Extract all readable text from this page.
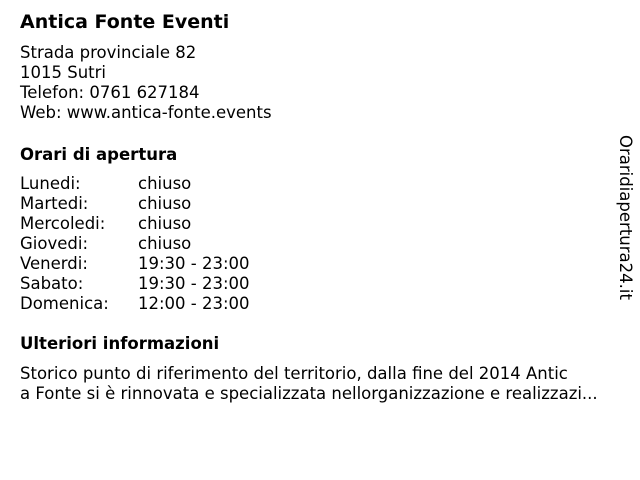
Antica Fonte Eventi
Strada provinciale 82
1015 Sutri
Telefon: 0761 627184
Web: www.antica-fonte.events
Orari di apertura
Lunedi:	chiuso
Martedi:	chiuso
Mercoledi:	chiuso
Giovedi:	chiuso
Venerdi:	19:30 - 23:00
Sabato:	19:30 - 23:00
Domenica:	12:00 - 23:00
Ulteriori informazioni
Storico punto di riferimento del territorio, dalla fine del 2014 Antic
a Fonte si è rinnovata e specializzata nellorganizzazione e realizzazi...
Oraridiapertura24.it
